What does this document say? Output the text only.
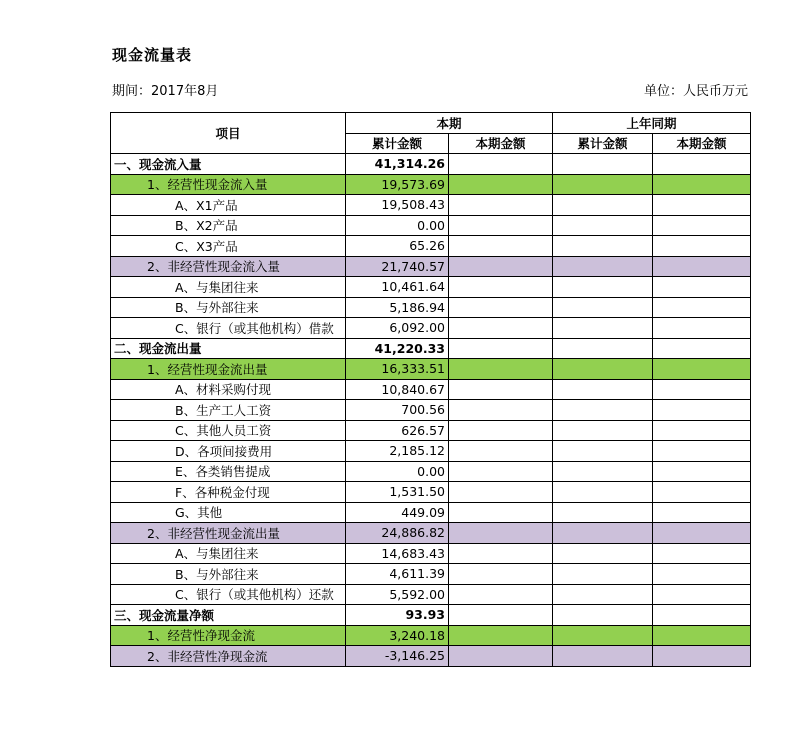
现金流量表
期间：2017年8月	单位：人民币万元
项目	本期		上年同期	
	累计金额	本期金额	累计金额	本期金额
一、现金流入量	41,314.26			
1、经营性现金流入量	19,573.69			
A、X1产品	19,508.43			
B、X2产品	0.00			
C、X3产品	65.26			
2、非经营性现金流入量	21,740.57			
A、与集团往来	10,461.64			
B、与外部往来	5,186.94			
C、银行（或其他机构）借款	6,092.00			
二、现金流出量	41,220.33			
1、经营性现金流出量	16,333.51			
A、材料采购付现	10,840.67			
B、生产工人工资	700.56			
C、其他人员工资	626.57			
D、各项间接费用	2,185.12			
E、各类销售提成	0.00			
F、各种税金付现	1,531.50			
G、其他	449.09			
2、非经营性现金流出量	24,886.82			
A、与集团往来	14,683.43			
B、与外部往来	4,611.39			
C、银行（或其他机构）还款	5,592.00			
三、现金流量净额	93.93			
1、经营性净现金流	3,240.18			
2、非经营性净现金流	-3,146.25			
